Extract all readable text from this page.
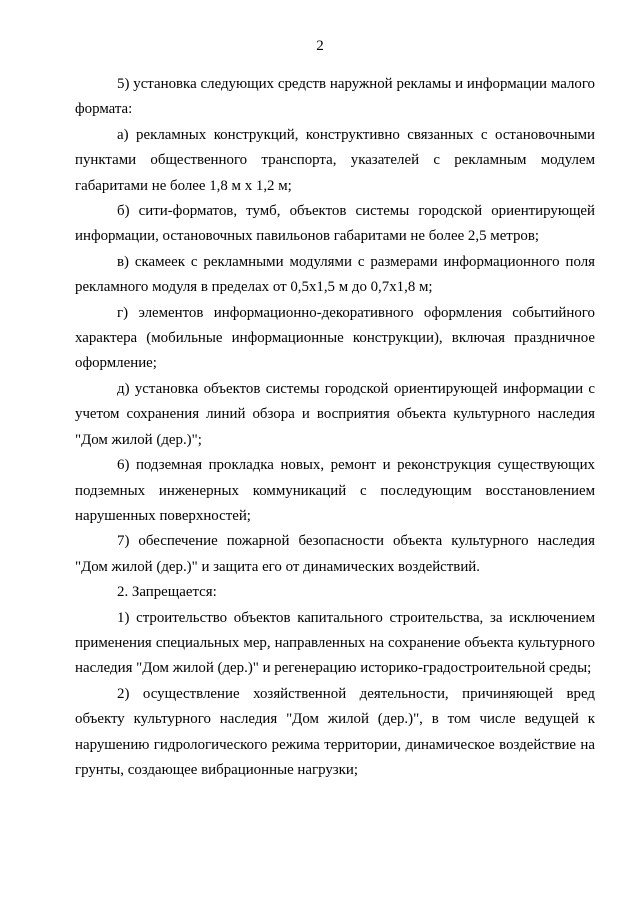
2

5) установка следующих средств наружной рекламы и информации малого формата:

а) рекламных конструкций, конструктивно связанных с остановочными пунктами общественного транспорта, указателей с рекламным модулем габаритами не более 1,8 м х 1,2 м;

б) сити-форматов, тумб, объектов системы городской ориентирующей информации, остановочных павильонов габаритами не более 2,5 метров;

в) скамеек с рекламными модулями с размерами информационного поля рекламного модуля в пределах от 0,5х1,5 м до 0,7х1,8 м;

г) элементов информационно-декоративного оформления событийного характера (мобильные информационные конструкции), включая праздничное оформление;

д) установка объектов системы городской ориентирующей информации с учетом сохранения линий обзора и восприятия объекта культурного наследия "Дом жилой (дер.)";

6) подземная прокладка новых, ремонт и реконструкция существующих подземных инженерных коммуникаций с последующим восстановлением нарушенных поверхностей;

7) обеспечение пожарной безопасности объекта культурного наследия "Дом жилой (дер.)" и защита его от динамических воздействий.

2. Запрещается:

1) строительство объектов капитального строительства, за исключением применения специальных мер, направленных на сохранение объекта культурного наследия "Дом жилой (дер.)" и регенерацию историко-градостроительной среды;

2) осуществление хозяйственной деятельности, причиняющей вред объекту культурного наследия "Дом жилой (дер.)", в том числе ведущей к нарушению гидрологического режима территории, динамическое воздействие на грунты, создающее вибрационные нагрузки;
